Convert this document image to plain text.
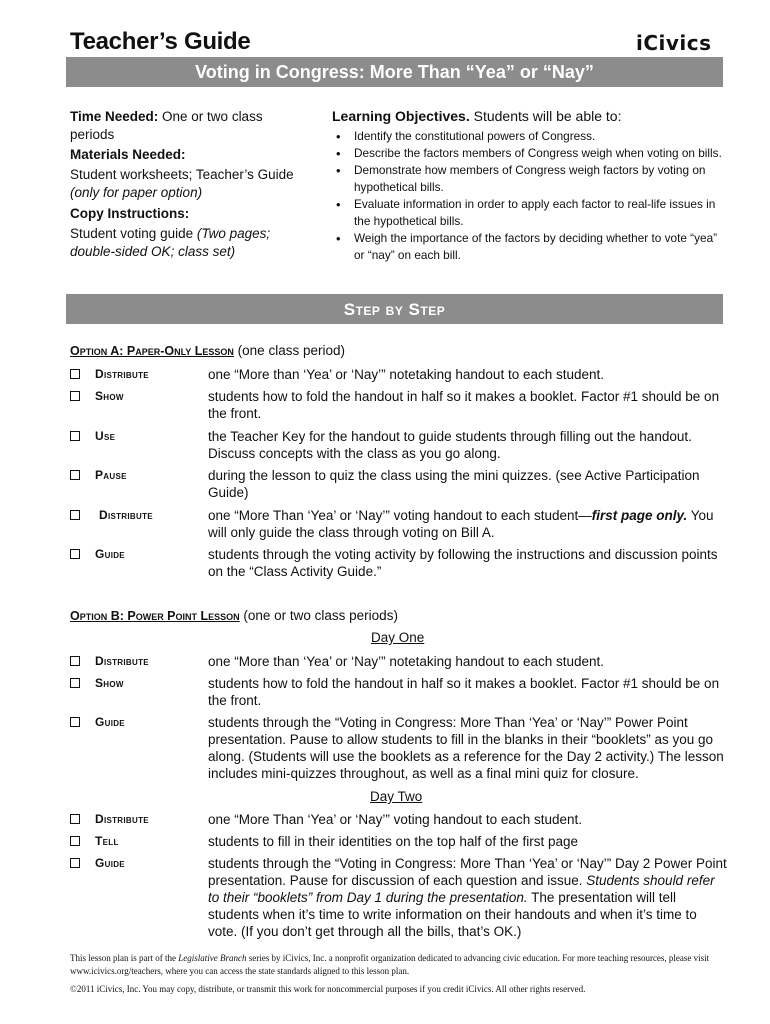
Teacher’s Guide	iCivics
Voting in Congress: More Than “Yea” or “Nay”
Time Needed: One or two class
periods
Materials Needed:
Student worksheets; Teacher’s Guide
(only for paper option)
Copy Instructions:
Student voting guide (Two pages;
double-sided OK; class set)
Learning Objectives. Students will be able to:
• Identify the constitutional powers of Congress.
• Describe the factors members of Congress weigh when voting on bills.
• Demonstrate how members of Congress weigh factors by voting on hypothetical bills.
• Evaluate information in order to apply each factor to real-life issues in the hypothetical bills.
• Weigh the importance of the factors by deciding whether to vote “yea” or “nay” on each bill.
Step by Step
Option A: Paper-Only Lesson (one class period)
Distribute	one “More than ‘Yea’ or ‘Nay’” notetaking handout to each student.
Show	students how to fold the handout in half so it makes a booklet. Factor #1 should be on the front.
Use	the Teacher Key for the handout to guide students through filling out the handout. Discuss concepts with the class as you go along.
Pause	during the lesson to quiz the class using the mini quizzes. (see Active Participation Guide)
Distribute	one “More Than ‘Yea’ or ‘Nay’” voting handout to each student—first page only. You will only guide the class through voting on Bill A.
Guide	students through the voting activity by following the instructions and discussion points on the “Class Activity Guide.”
Option B: Power Point Lesson (one or two class periods)
Day One
Distribute	one “More than ‘Yea’ or ‘Nay’” notetaking handout to each student.
Show	students how to fold the handout in half so it makes a booklet. Factor #1 should be on the front.
Guide	students through the “Voting in Congress: More Than ‘Yea’ or ‘Nay’” Power Point presentation. Pause to allow students to fill in the blanks in their “booklets” as you go along. (Students will use the booklets as a reference for the Day 2 activity.) The lesson includes mini-quizzes throughout, as well as a final mini quiz for closure.
Day Two
Distribute	one “More Than ‘Yea’ or ‘Nay’” voting handout to each student.
Tell	students to fill in their identities on the top half of the first page
Guide	students through the “Voting in Congress: More Than ‘Yea’ or ‘Nay’” Day 2 Power Point presentation. Pause for discussion of each question and issue. Students should refer to their “booklets” from Day 1 during the presentation. The presentation will tell students when it’s time to write information on their handouts and when it’s time to vote. (If you don’t get through all the bills, that’s OK.)
This lesson plan is part of the Legislative Branch series by iCivics, Inc. a nonprofit organization dedicated to advancing civic education. For more teaching resources, please visit www.icivics.org/teachers, where you can access the state standards aligned to this lesson plan.
©2011 iCivics, Inc. You may copy, distribute, or transmit this work for noncommercial purposes if you credit iCivics. All other rights reserved.
